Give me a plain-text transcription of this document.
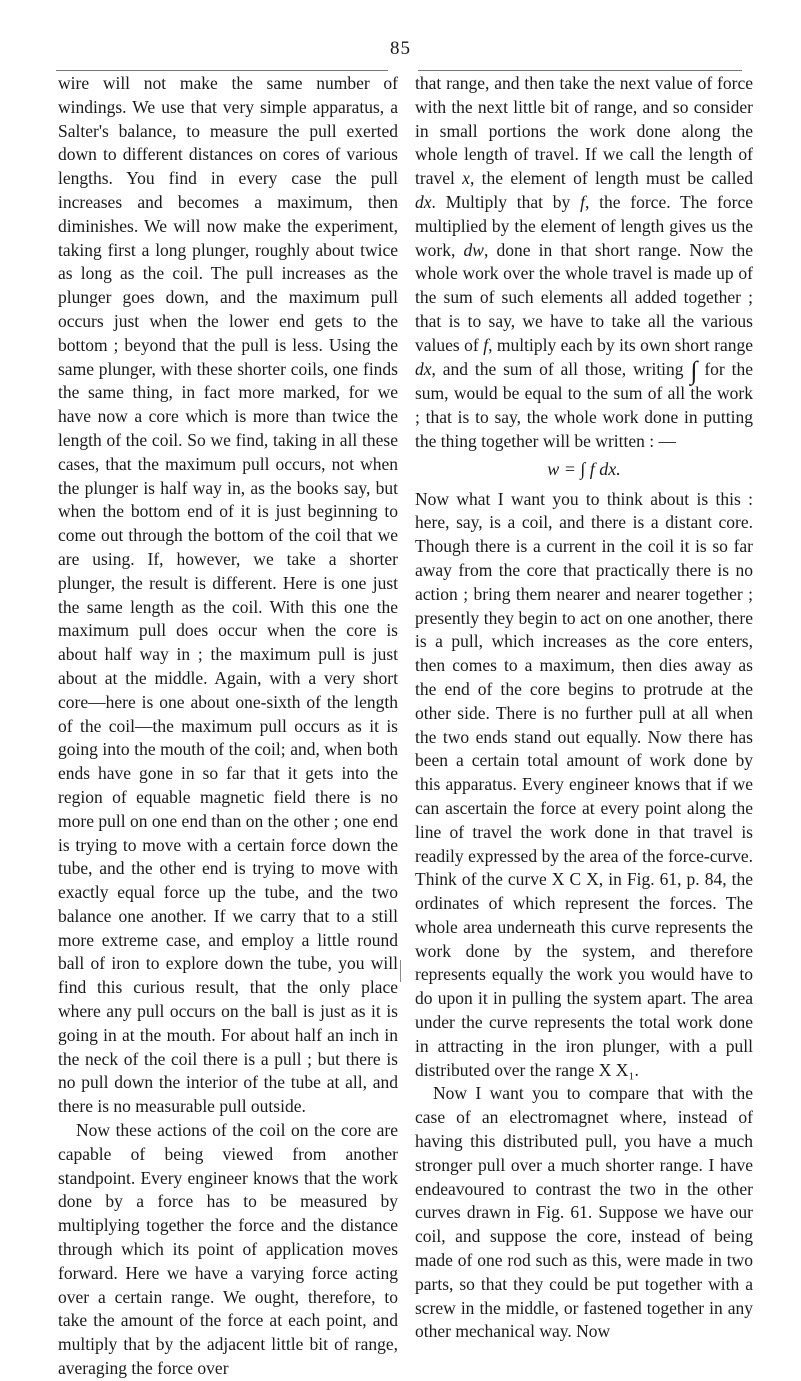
85

wire will not make the same number of windings. We use that very simple apparatus, a Salter's balance, to measure the pull exerted down to different distances on cores of various lengths. You find in every case the pull increases and becomes a maximum, then diminishes. We will now make the experiment, taking first a long plunger, roughly about twice as long as the coil. The pull increases as the plunger goes down, and the maximum pull occurs just when the lower end gets to the bottom ; beyond that the pull is less. Using the same plunger, with these shorter coils, one finds the same thing, in fact more marked, for we have now a core which is more than twice the length of the coil. So we find, taking in all these cases, that the maximum pull occurs, not when the plunger is half way in, as the books say, but when the bottom end of it is just beginning to come out through the bottom of the coil that we are using. If, however, we take a shorter plunger, the result is different. Here is one just the same length as the coil. With this one the maximum pull does occur when the core is about half way in ; the maximum pull is just about at the middle. Again, with a very short core—here is one about one-sixth of the length of the coil—the maximum pull occurs as it is going into the mouth of the coil; and, when both ends have gone in so far that it gets into the region of equable magnetic field there is no more pull on one end than on the other ; one end is trying to move with a certain force down the tube, and the other end is trying to move with exactly equal force up the tube, and the two balance one another. If we carry that to a still more extreme case, and employ a little round ball of iron to explore down the tube, you will find this curious result, that the only place where any pull occurs on the ball is just as it is going in at the mouth. For about half an inch in the neck of the coil there is a pull ; but there is no pull down the interior of the tube at all, and there is no measurable pull outside.

Now these actions of the coil on the core are capable of being viewed from another standpoint. Every engineer knows that the work done by a force has to be measured by multiplying together the force and the distance through which its point of application moves forward. Here we have a varying force acting over a certain range. We ought, therefore, to take the amount of the force at each point, and multiply that by the adjacent little bit of range, averaging the force over

that range, and then take the next value of force with the next little bit of range, and so consider in small portions the work done along the whole length of travel. If we call the length of travel x, the element of length must be called dx. Multiply that by f, the force. The force multiplied by the element of length gives us the work, dw, done in that short range. Now the whole work over the whole travel is made up of the sum of such elements all added together ; that is to say, we have to take all the various values of f, multiply each by its own short range dx, and the sum of all those, writing ∫ for the sum, would be equal to the sum of all the work ; that is to say, the whole work done in putting the thing together will be written : —

w = ∫ f dx.

Now what I want you to think about is this : here, say, is a coil, and there is a distant core. Though there is a current in the coil it is so far away from the core that practically there is no action ; bring them nearer and nearer together ; presently they begin to act on one another, there is a pull, which increases as the core enters, then comes to a maximum, then dies away as the end of the core begins to protrude at the other side. There is no further pull at all when the two ends stand out equally. Now there has been a certain total amount of work done by this apparatus. Every engineer knows that if we can ascertain the force at every point along the line of travel the work done in that travel is readily expressed by the area of the force-curve. Think of the curve X C X, in Fig. 61, p. 84, the ordinates of which represent the forces. The whole area underneath this curve represents the work done by the system, and therefore represents equally the work you would have to do upon it in pulling the system apart. The area under the curve represents the total work done in attracting in the iron plunger, with a pull distributed over the range X X₁.

Now I want you to compare that with the case of an electromagnet where, instead of having this distributed pull, you have a much stronger pull over a much shorter range. I have endeavoured to contrast the two in the other curves drawn in Fig. 61. Suppose we have our coil, and suppose the core, instead of being made of one rod such as this, were made in two parts, so that they could be put together with a screw in the middle, or fastened together in any other mechanical way. Now
